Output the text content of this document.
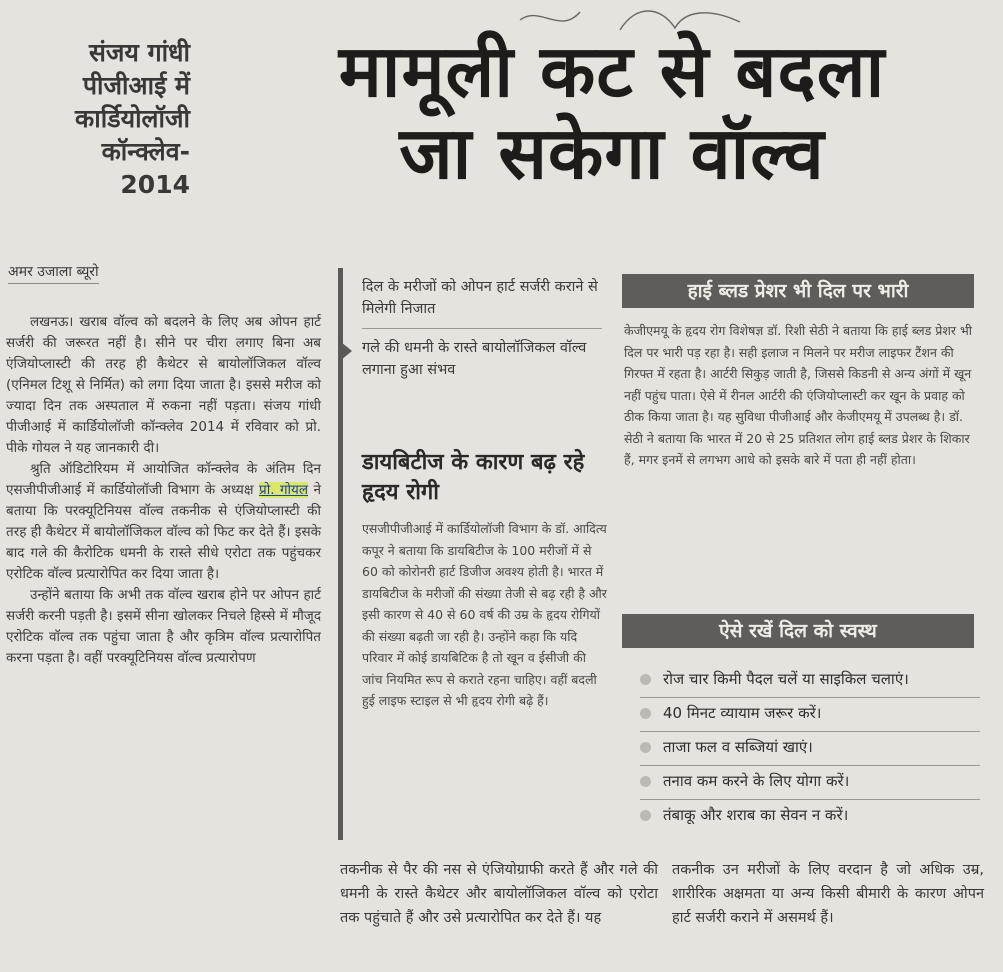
संजय गांधी
पीजीआई में
कार्डियोलॉजी
कॉन्क्लेव-
2014
मामूली कट से बदला
जा सकेगा वॉल्व
अमर उजाला ब्यूरो

लखनऊ। खराब वॉल्व को बदलने के लिए अब ओपन हार्ट सर्जरी की जरूरत नहीं है। सीने पर चीरा लगाए बिना अब एंजियोप्लास्टी की तरह ही कैथेटर से बायोलॉजिकल वॉल्व (एनिमल टिशू से निर्मित) को लगा दिया जाता है। इससे मरीज को ज्यादा दिन तक अस्पताल में रुकना नहीं पड़ता। संजय गांधी पीजीआई में कार्डियोलॉजी कॉन्क्लेव 2014 में रविवार को प्रो. पीके गोयल ने यह जानकारी दी।

श्रुति ऑडिटोरियम में आयोजित कॉन्क्लेव के अंतिम दिन एसजीपीजीआई में कार्डियोलॉजी विभाग के अध्यक्ष प्रो. गोयल ने बताया कि परक्यूटिनियस वॉल्व तकनीक से एंजियोप्लास्टी की तरह ही कैथेटर में बायोलॉजिकल वॉल्व को फिट कर देते हैं। इसके बाद गले की कैरोटिक धमनी के रास्ते सीधे एरोटा तक पहुंचकर एरोटिक वॉल्व प्रत्यारोपित कर दिया जाता है।

उन्होंने बताया कि अभी तक वॉल्व खराब होने पर ओपन हार्ट सर्जरी करनी पड़ती है। इसमें सीना खोलकर निचले हिस्से में मौजूद एरोटिक वॉल्व तक पहुंचा जाता है और कृत्रिम वॉल्व प्रत्यारोपित करना पड़ता है। वहीं परक्यूटिनियस वॉल्व प्रत्यारोपण

दिल के मरीजों को ओपन हार्ट सर्जरी कराने से मिलेगी निजात
गले की धमनी के रास्ते बायोलॉजिकल वॉल्व लगाना हुआ संभव
डायबिटीज के कारण बढ़ रहे हृदय रोगी
एसजीपीजीआई में कार्डियोलॉजी विभाग के डॉ. आदित्य कपूर ने बताया कि डायबिटीज के 100 मरीजों में से 60 को कोरोनरी हार्ट डिजीज अवश्य होती है। भारत में डायबिटीज के मरीजों की संख्या तेजी से बढ़ रही है और इसी कारण से 40 से 60 वर्ष की उम्र के हृदय रोगियों की संख्या बढ़ती जा रही है। उन्होंने कहा कि यदि परिवार में कोई डायबिटिक है तो खून व ईसीजी की जांच नियमित रूप से कराते रहना चाहिए। वहीं बदली हुई लाइफ स्टाइल से भी हृदय रोगी बढ़े हैं।
हाई ब्लड प्रेशर भी दिल पर भारी
केजीएमयू के हृदय रोग विशेषज्ञ डॉ. रिशी सेठी ने बताया कि हाई ब्लड प्रेशर भी दिल पर भारी पड़ रहा है। सही इलाज न मिलने पर मरीज लाइफर टैंशन की गिरफ्त में रहता है। आर्टरी सिकुड़ जाती है, जिससे किडनी से अन्य अंगों में खून नहीं पहुंच पाता। ऐसे में रीनल आर्टरी की एंजियोप्लास्टी कर खून के प्रवाह को ठीक किया जाता है। यह सुविधा पीजीआई और केजीएमयू में उपलब्ध है। डॉ. सेठी ने बताया कि भारत में 20 से 25 प्रतिशत लोग हाई ब्लड प्रेशर के शिकार हैं, मगर इनमें से लगभग आधे को इसके बारे में पता ही नहीं होता।
ऐसे रखें दिल को स्वस्थ
रोज चार किमी पैदल चलें या साइकिल चलाएं।
40 मिनट व्यायाम जरूर करें।
ताजा फल व सब्जियां खाएं।
तनाव कम करने के लिए योगा करें।
तंबाकू और शराब का सेवन न करें।
तकनीक से पैर की नस से एंजियोग्राफी करते हैं और गले की धमनी के रास्ते कैथेटर और बायोलॉजिकल वॉल्व को एरोटा तक पहुंचाते हैं और उसे प्रत्यारोपित कर देते हैं। यह
तकनीक उन मरीजों के लिए वरदान है जो अधिक उम्र, शारीरिक अक्षमता या अन्य किसी बीमारी के कारण ओपन हार्ट सर्जरी कराने में असमर्थ हैं।
